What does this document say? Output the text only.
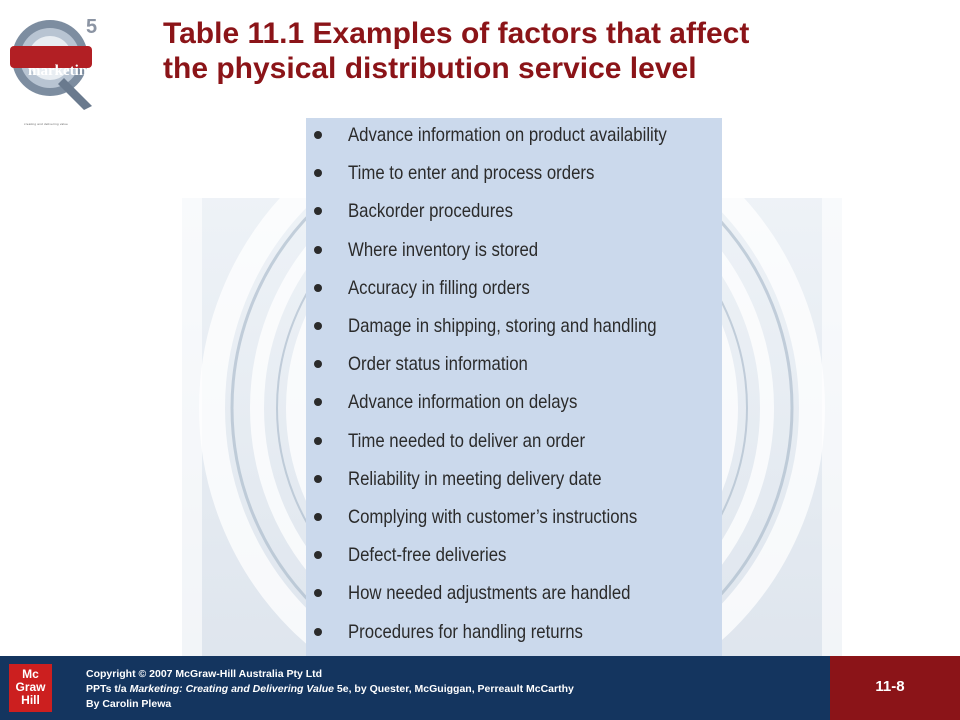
marketing
5
creating and delivering value
Table 11.1 Examples of factors that affect
the physical distribution service level
Advance information on product availability
Time to enter and process orders
Backorder procedures
Where inventory is stored
Accuracy in filling orders
Damage in shipping, storing and handling
Order status information
Advance information on delays
Time needed to deliver an order
Reliability in meeting delivery date
Complying with customer’s instructions
Defect-free deliveries
How needed adjustments are handled
Procedures for handling returns
11-8
Mc
Graw
Hill
Copyright © 2007 McGraw-Hill Australia Pty Ltd
PPTs t/a Marketing: Creating and Delivering Value 5e, by Quester, McGuiggan, Perreault McCarthy
By Carolin Plewa
